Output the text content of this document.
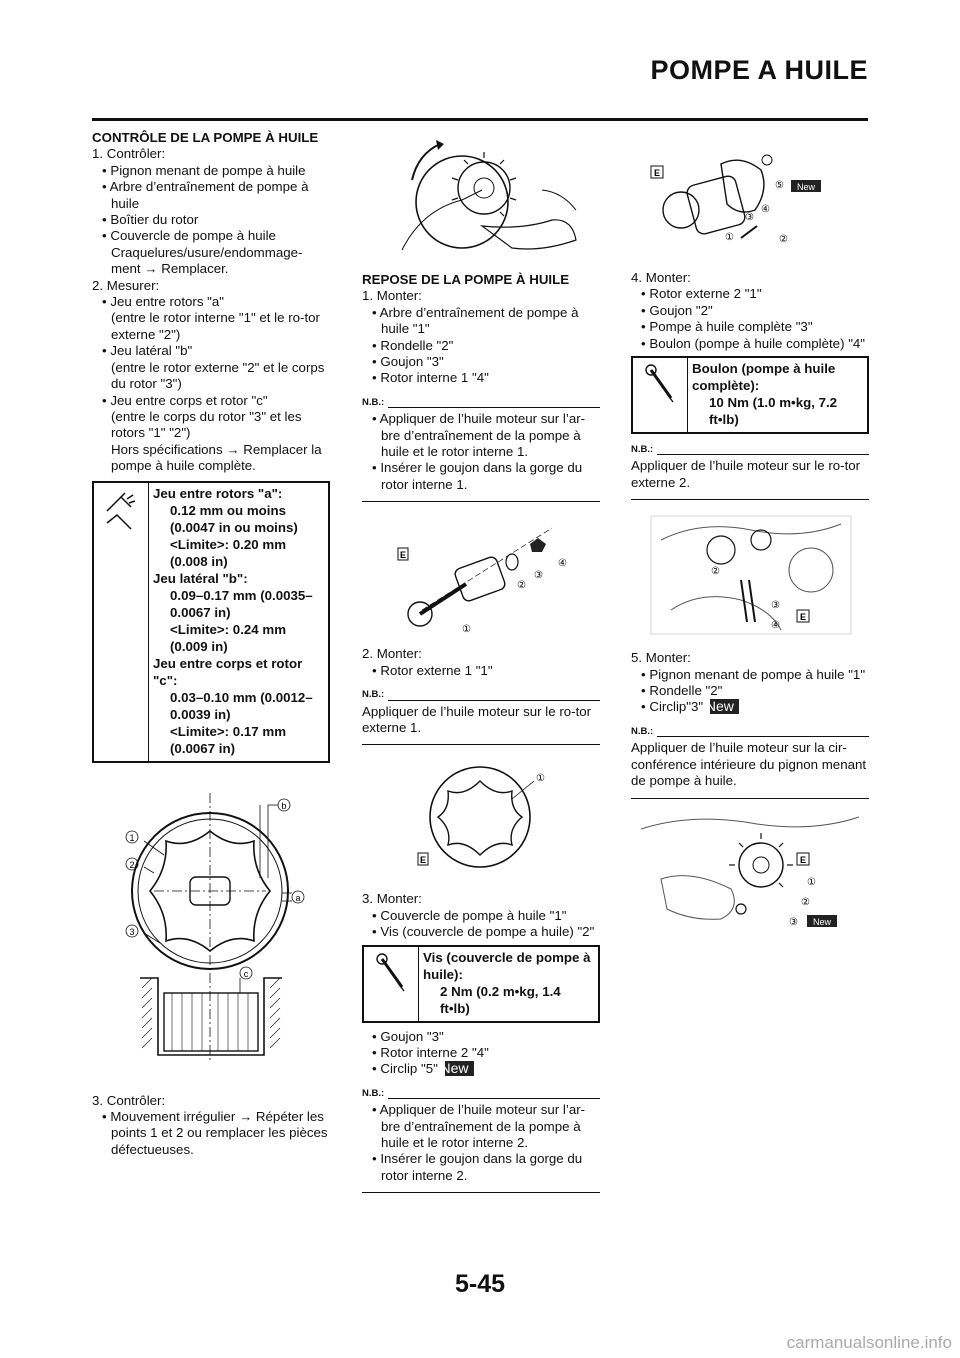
POMPE A HUILE

CONTRÔLE DE LA POMPE À HUILE

1. Contrôler:

• Pignon menant de pompe à huile

• Arbre d’entraînement de pompe à huile

• Boîtier du rotor

• Couvercle de pompe à huile

Craquelures/usure/endommage-ment → Remplacer.

2. Mesurer:

• Jeu entre rotors "a"

(entre le rotor interne "1" et le ro-tor externe "2")

• Jeu latéral "b"

(entre le rotor externe "2" et le corps du rotor "3")

• Jeu entre corps et rotor "c"

(entre le corps du rotor "3" et les rotors "1" "2")

Hors spécifications → Remplacer la pompe à huile complète.

Jeu entre rotors "a":
0.12 mm ou moins
(0.0047 in ou moins)
<Limite>: 0.20 mm
(0.008 in)
Jeu latéral "b":
0.09–0.17 mm (0.0035–
0.0067 in)
<Limite>: 0.24 mm
(0.009 in)
Jeu entre corps et rotor "c":
0.03–0.10 mm (0.0012–
0.0039 in)
<Limite>: 0.17 mm
(0.0067 in)
1
2
3
a
b
c

3. Contrôler:

• Mouvement irrégulier → Répéter les points 1 et 2 ou remplacer les pièces défectueuses.

REPOSE DE LA POMPE À HUILE

1. Monter:

• Arbre d’entraînement de pompe à huile "1"

• Rondelle "2"

• Goujon "3"

• Rotor interne 1 "4"

N.B.:

• Appliquer de l’huile moteur sur l’ar-bre d’entraînement de la pompe à huile et le rotor interne 1.

• Insérer le goujon dans la gorge du rotor interne 1.

E
①
②
③
④

2. Monter:

• Rotor externe 1 "1"

N.B.:

Appliquer de l’huile moteur sur le ro-tor externe 1.

E
①

3. Monter:

• Couvercle de pompe à huile "1"

• Vis (couvercle de pompe a huile) "2"

Vis (couvercle de pompe à huile):
2 Nm (0.2 m•kg, 1.4 ft•lb)

• Goujon "3"

• Rotor interne 2 "4"

• Circlip "5" New

N.B.:

• Appliquer de l’huile moteur sur l’ar-bre d’entraînement de la pompe à huile et le rotor interne 2.

• Insérer le goujon dans la gorge du rotor interne 2.

E
①	②
③
④
⑤ New

4. Monter:

• Rotor externe 2 "1"

• Goujon "2"

• Pompe à huile complète "3"

• Boulon (pompe à huile complète) "4"

Boulon (pompe à huile complète):
10 Nm (1.0 m•kg, 7.2 ft•lb)
N.B.:

Appliquer de l’huile moteur sur le ro-tor externe 2.

②
③
④
E

5. Monter:

• Pignon menant de pompe à huile "1"

• Rondelle "2"

• Circlip"3" New

N.B.:

Appliquer de l’huile moteur sur la cir-conférence intérieure du pignon menant de pompe à huile.

E
①
②
③ New
5-45
carmanualsonline.info
